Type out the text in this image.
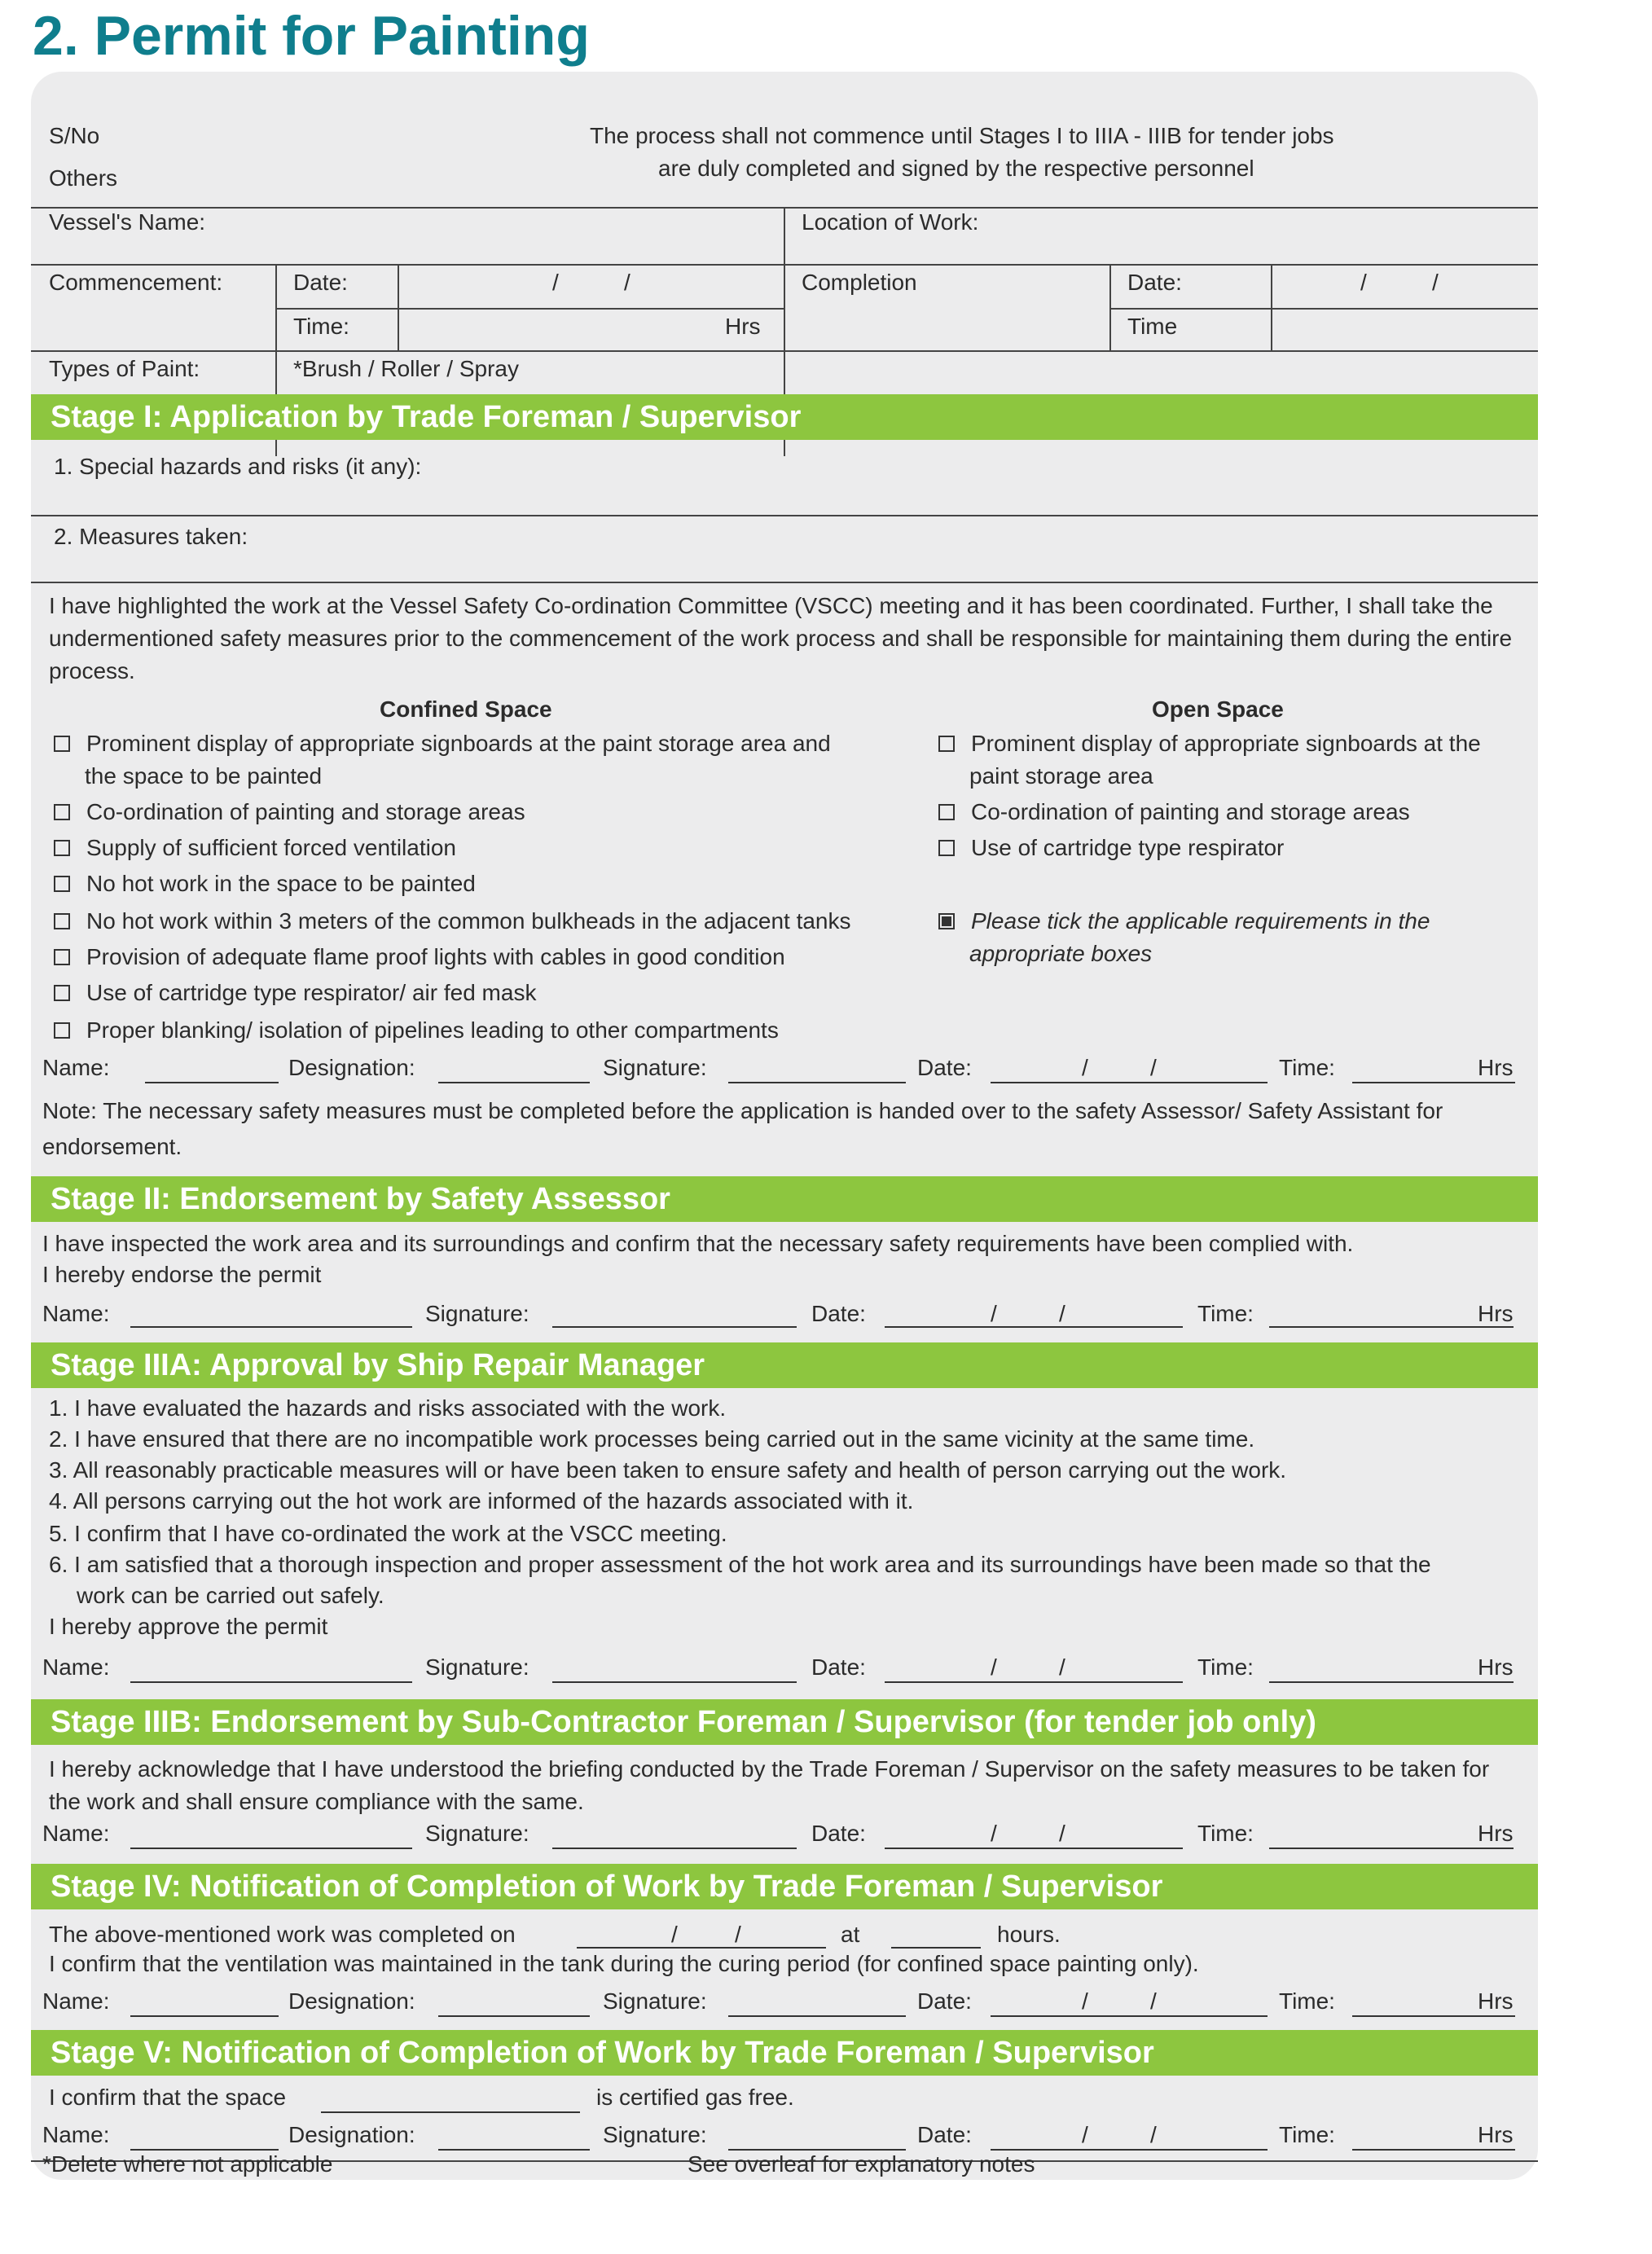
2. Permit for Painting
S/No
Others
The process shall not commence until Stages I to IIIA - IIIB for tender jobs
are duly completed and signed by the respective personnel
Vessel's Name:	Location of Work:
Commencement:	Date:	/	/	Completion	Date:	/	/
Time:	Hrs	Time
Types of Paint:	*Brush / Roller / Spray
Stage I: Application by Trade Foreman / Supervisor
1. Special hazards and risks (it any):
2. Measures taken:
I have highlighted the work at the Vessel Safety Co-ordination Committee (VSCC) meeting and it has been coordinated. Further, I shall take the undermentioned safety measures prior to the commencement of the work process and shall be responsible for maintaining them during the entire process.
Confined Space	Open Space
Prominent display of appropriate signboards at the paint storage area and
the space to be painted
Co-ordination of painting and storage areas
Supply of sufficient forced ventilation
No hot work in the space to be painted
No hot work within 3 meters of the common bulkheads in the adjacent tanks
Provision of adequate flame proof lights with cables in good condition
Use of cartridge type respirator/ air fed mask
Proper blanking/ isolation of pipelines leading to other compartments
Prominent display of appropriate signboards at the
paint storage area
Co-ordination of painting and storage areas
Use of cartridge type respirator
Please tick the applicable requirements in the
appropriate boxes
Name:	Designation:	Signature:	Date:	/	/	Time:	Hrs
Note: The necessary safety measures must be completed before the application is handed over to the safety Assessor/ Safety Assistant for endorsement.
Stage II: Endorsement by Safety Assessor
I have inspected the work area and its surroundings and confirm that the necessary safety requirements have been complied with.
I hereby endorse the permit
Name:	Signature:	Date:	/	/	Time:	Hrs
Stage IIIA: Approval by Ship Repair Manager
1. I have evaluated the hazards and risks associated with the work.
2. I have ensured that there are no incompatible work processes being carried out in the same vicinity at the same time.
3. All reasonably practicable measures will or have been taken to ensure safety and health of person carrying out the work.
4. All persons carrying out the hot work are informed of the hazards associated with it.
5. I confirm that I have co-ordinated the work at the VSCC meeting.
6. I am satisfied that a thorough inspection and proper assessment of the hot work area and its surroundings have been made so that the
work can be carried out safely.
I hereby approve the permit
Name:	Signature:	Date:	/	/	Time:	Hrs
Stage IIIB: Endorsement by Sub-Contractor Foreman / Supervisor (for tender job only)
I hereby acknowledge that I have understood the briefing conducted by the Trade Foreman / Supervisor on the safety measures to be taken for the work and shall ensure compliance with the same.
Name:	Signature:	Date:	/	/	Time:	Hrs
Stage IV: Notification of Completion of Work by Trade Foreman / Supervisor
The above-mentioned work was completed on	/	/	at	hours.
I confirm that the ventilation was maintained in the tank during the curing period (for confined space painting only).
Name:	Designation:	Signature:	Date:	/	/	Time:	Hrs
Stage V: Notification of Completion of Work by Trade Foreman / Supervisor
I confirm that the space	is certified gas free.
Name:	Designation:	Signature:	Date:	/	/	Time:	Hrs
*Delete where not applicable	See overleaf for explanatory notes
